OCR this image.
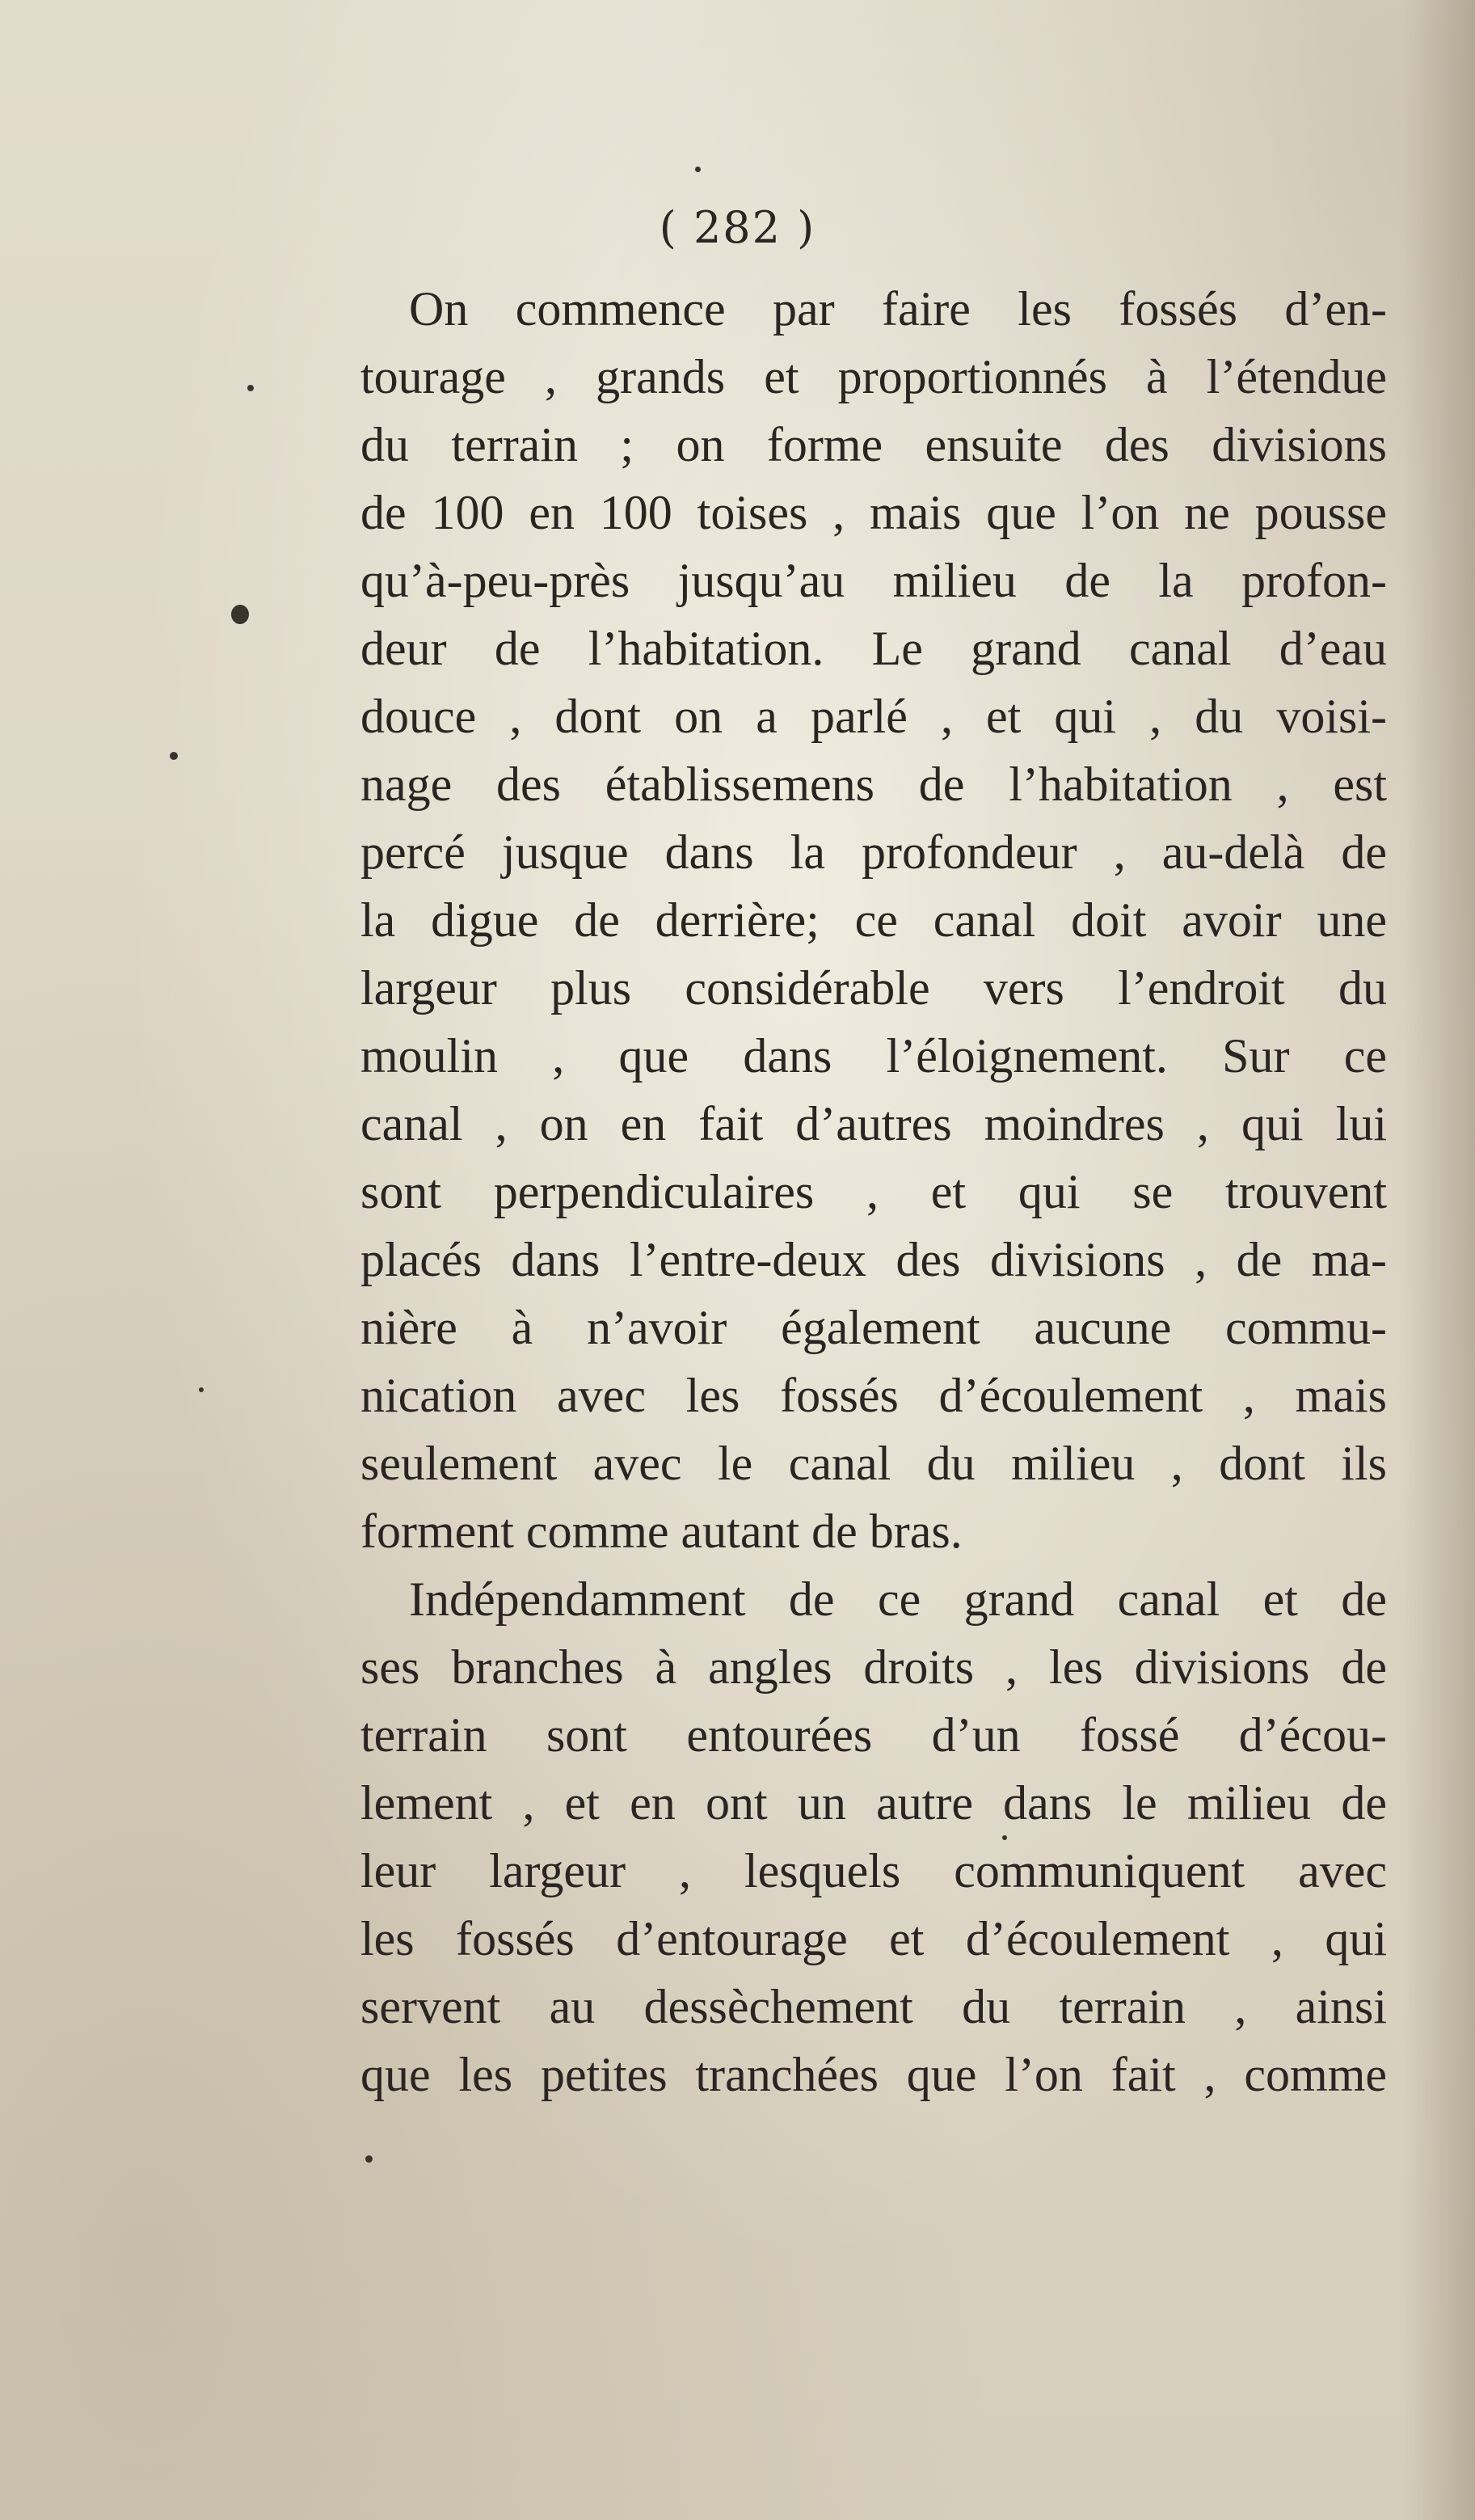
( 282 )
On commence par faire les fossés d’en-
tourage , grands et proportionnés à l’étendue
du terrain ; on forme ensuite des divisions
de 100 en 100 toises , mais que l’on ne pousse
qu’à-peu-près jusqu’au milieu de la profon-
deur de l’habitation. Le grand canal d’eau
douce , dont on a parlé , et qui , du voisi-
nage des établissemens de l’habitation , est
percé jusque dans la profondeur , au-delà de
la digue de derrière; ce canal doit avoir une
largeur plus considérable vers l’endroit du
moulin , que dans l’éloignement. Sur ce
canal , on en fait d’autres moindres , qui lui
sont perpendiculaires , et qui se trouvent
placés dans l’entre-deux des divisions , de ma-
nière à n’avoir également aucune commu-
nication avec les fossés d’écoulement , mais
seulement avec le canal du milieu , dont ils
forment comme autant de bras.
Indépendamment de ce grand canal et de
ses branches à angles droits , les divisions de
terrain sont entourées d’un fossé d’écou-
lement , et en ont un autre dans le milieu de
leur largeur , lesquels communiquent avec
les fossés d’entourage et d’écoulement , qui
servent au dessèchement du terrain , ainsi
que les petites tranchées que l’on fait , comme
